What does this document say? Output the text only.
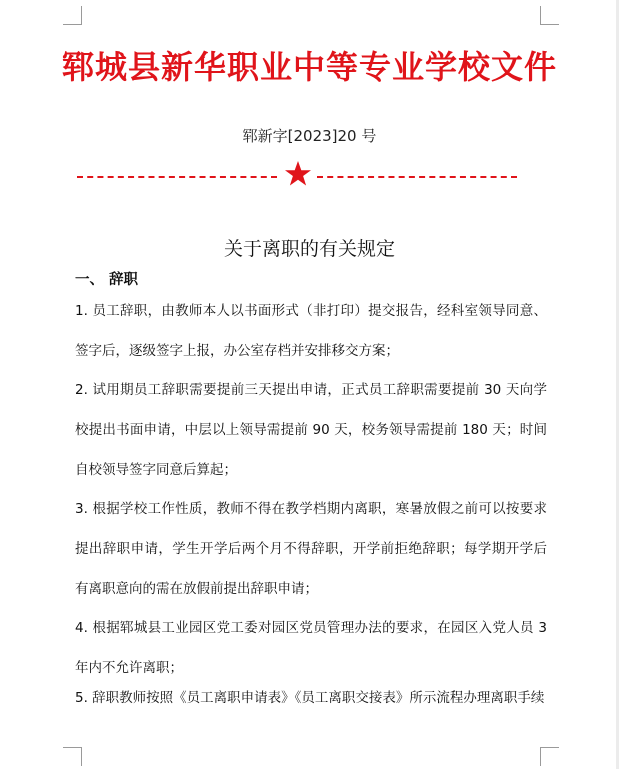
郓城县新华职业中等专业学校文件
郓新字[2023]20 号
关于离职的有关规定
一、 辞职

1. 员工辞职，由教师本人以书面形式（非打印）提交报告，经科室领导同意、签字后，逐级签字上报，办公室存档并安排移交方案；

2. 试用期员工辞职需要提前三天提出申请，正式员工辞职需要提前 30 天向学校提出书面申请，中层以上领导需提前 90 天，校务领导需提前 180 天；时间自校领导签字同意后算起；

3. 根据学校工作性质，教师不得在教学档期内离职，寒暑放假之前可以按要求提出辞职申请，学生开学后两个月不得辞职，开学前拒绝辞职；每学期开学后有离职意向的需在放假前提出辞职申请；

4. 根据郓城县工业园区党工委对园区党员管理办法的要求，在园区入党人员 3 年内不允许离职；

5. 辞职教师按照《员工离职申请表》《员工离职交接表》所示流程办理离职手续
